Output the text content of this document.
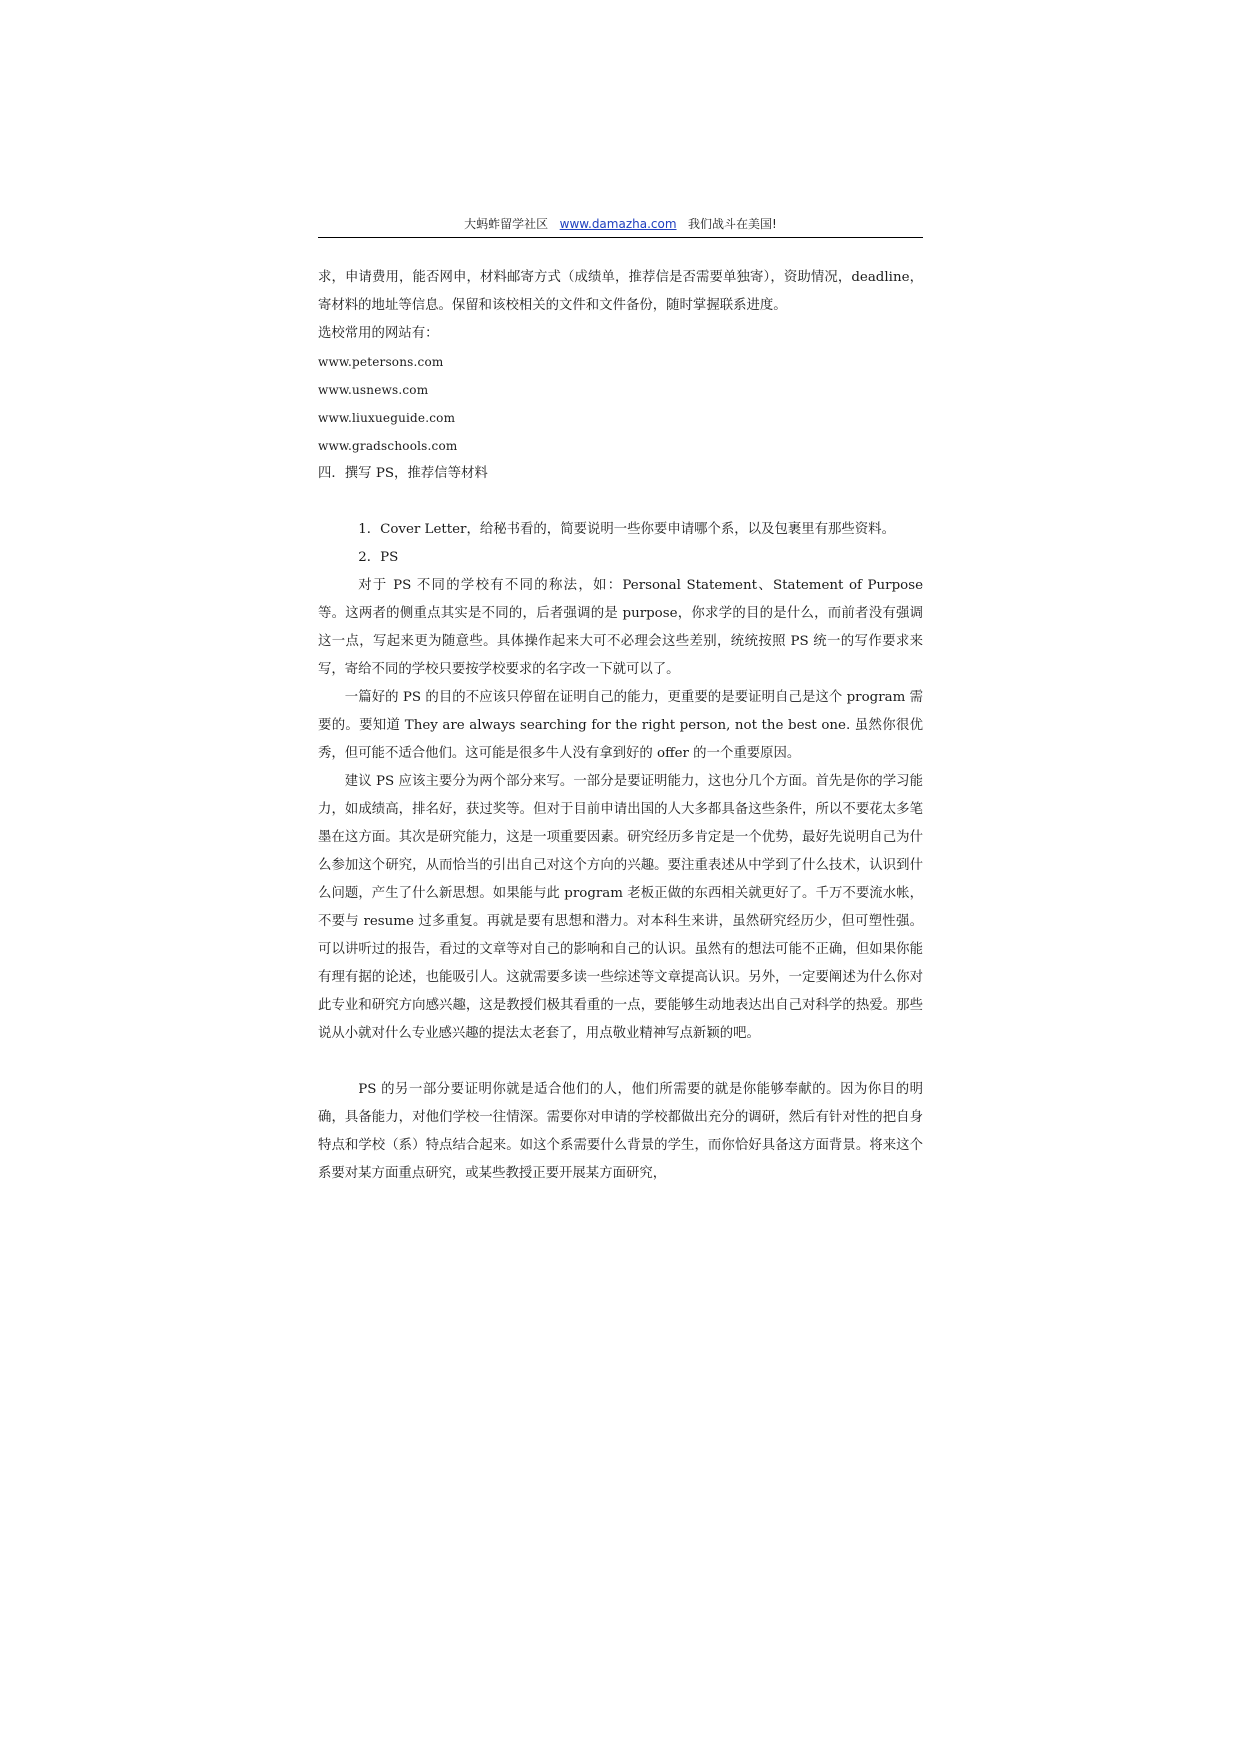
大蚂蚱留学社区 www.damazha.com 我们战斗在美国!

求，申请费用，能否网申，材料邮寄方式（成绩单，推荐信是否需要单独寄），资助情况，deadline，寄材料的地址等信息。保留和该校相关的文件和文件备份，随时掌握联系进度。

选校常用的网站有：

www.petersons.com

www.usnews.com

www.liuxueguide.com

www.gradschools.com

四．撰写 PS，推荐信等材料

1．Cover Letter，给秘书看的，简要说明一些你要申请哪个系，以及包裹里有那些资料。

2．PS

对于 PS 不同的学校有不同的称法，如：Personal Statement、Statement of Purpose 等。这两者的侧重点其实是不同的，后者强调的是 purpose，你求学的目的是什么，而前者没有强调这一点，写起来更为随意些。具体操作起来大可不必理会这些差别，统统按照 PS 统一的写作要求来写，寄给不同的学校只要按学校要求的名字改一下就可以了。

一篇好的 PS 的目的不应该只停留在证明自己的能力，更重要的是要证明自己是这个 program 需要的。要知道 They are always searching for the right person, not the best one. 虽然你很优秀，但可能不适合他们。这可能是很多牛人没有拿到好的 offer 的一个重要原因。

建议 PS 应该主要分为两个部分来写。一部分是要证明能力，这也分几个方面。首先是你的学习能力，如成绩高，排名好，获过奖等。但对于目前申请出国的人大多都具备这些条件，所以不要花太多笔墨在这方面。其次是研究能力，这是一项重要因素。研究经历多肯定是一个优势，最好先说明自己为什么参加这个研究，从而恰当的引出自己对这个方向的兴趣。要注重表述从中学到了什么技术，认识到什么问题，产生了什么新思想。如果能与此 program 老板正做的东西相关就更好了。千万不要流水帐，不要与 resume 过多重复。再就是要有思想和潜力。对本科生来讲，虽然研究经历少，但可塑性强。可以讲听过的报告，看过的文章等对自己的影响和自己的认识。虽然有的想法可能不正确，但如果你能有理有据的论述，也能吸引人。这就需要多读一些综述等文章提高认识。另外，一定要阐述为什么你对此专业和研究方向感兴趣，这是教授们极其看重的一点，要能够生动地表达出自己对科学的热爱。那些说从小就对什么专业感兴趣的提法太老套了，用点敬业精神写点新颖的吧。

PS 的另一部分要证明你就是适合他们的人，他们所需要的就是你能够奉献的。因为你目的明确，具备能力，对他们学校一往情深。需要你对申请的学校都做出充分的调研，然后有针对性的把自身特点和学校（系）特点结合起来。如这个系需要什么背景的学生，而你恰好具备这方面背景。将来这个系要对某方面重点研究，或某些教授正要开展某方面研究，
